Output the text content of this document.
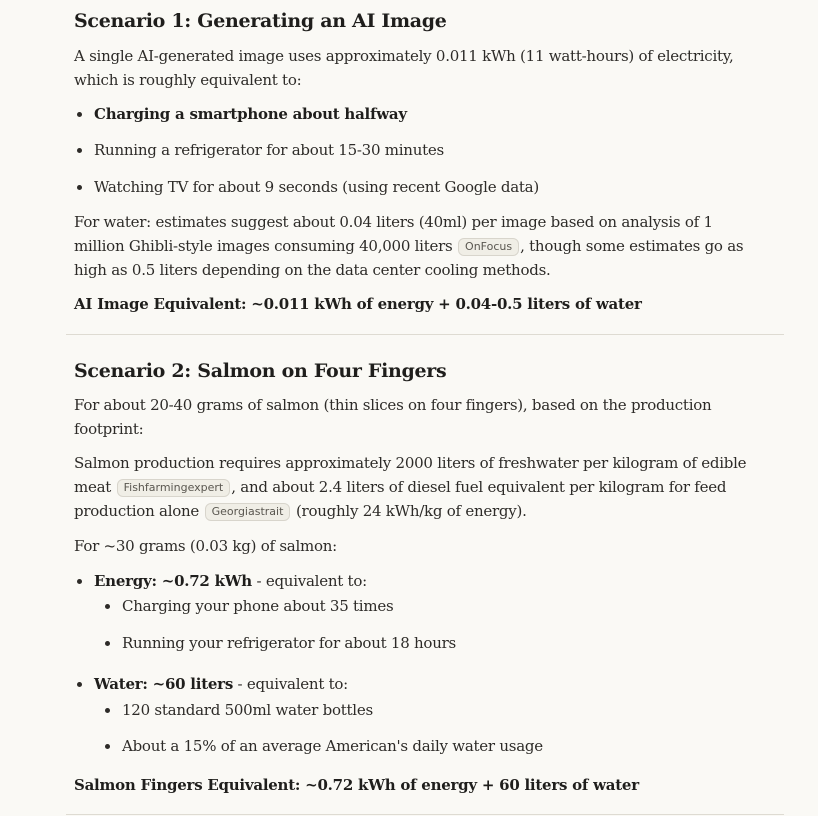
Scenario 1: Generating an AI Image

A single AI-generated image uses approximately 0.011 kWh (11 watt-hours) of electricity,
which is roughly equivalent to:

Charging a smartphone about halfway
Running a refrigerator for about 15-30 minutes
Watching TV for about 9 seconds (using recent Google data)

For water: estimates suggest about 0.04 liters (40ml) per image based on analysis of 1
million Ghibli-style images consuming 40,000 liters OnFocus , though some estimates go as
high as 0.5 liters depending on the data center cooling methods.

AI Image Equivalent: ~0.011 kWh of energy + 0.04-0.5 liters of water

Scenario 2: Salmon on Four Fingers

For about 20-40 grams of salmon (thin slices on four fingers), based on the production
footprint:

Salmon production requires approximately 2000 liters of freshwater per kilogram of edible
meat Fishfarmingexpert , and about 2.4 liters of diesel fuel equivalent per kilogram for feed
production alone Georgiastrait (roughly 24 kWh/kg of energy).

For ~30 grams (0.03 kg) of salmon:

Energy: ~0.72 kWh - equivalent to:
Water: ~60 liters - equivalent to:
Charging your phone about 35 times
Running your refrigerator for about 18 hours
120 standard 500ml water bottles
About a 15% of an average American's daily water usage

Salmon Fingers Equivalent: ~0.72 kWh of energy + 60 liters of water
